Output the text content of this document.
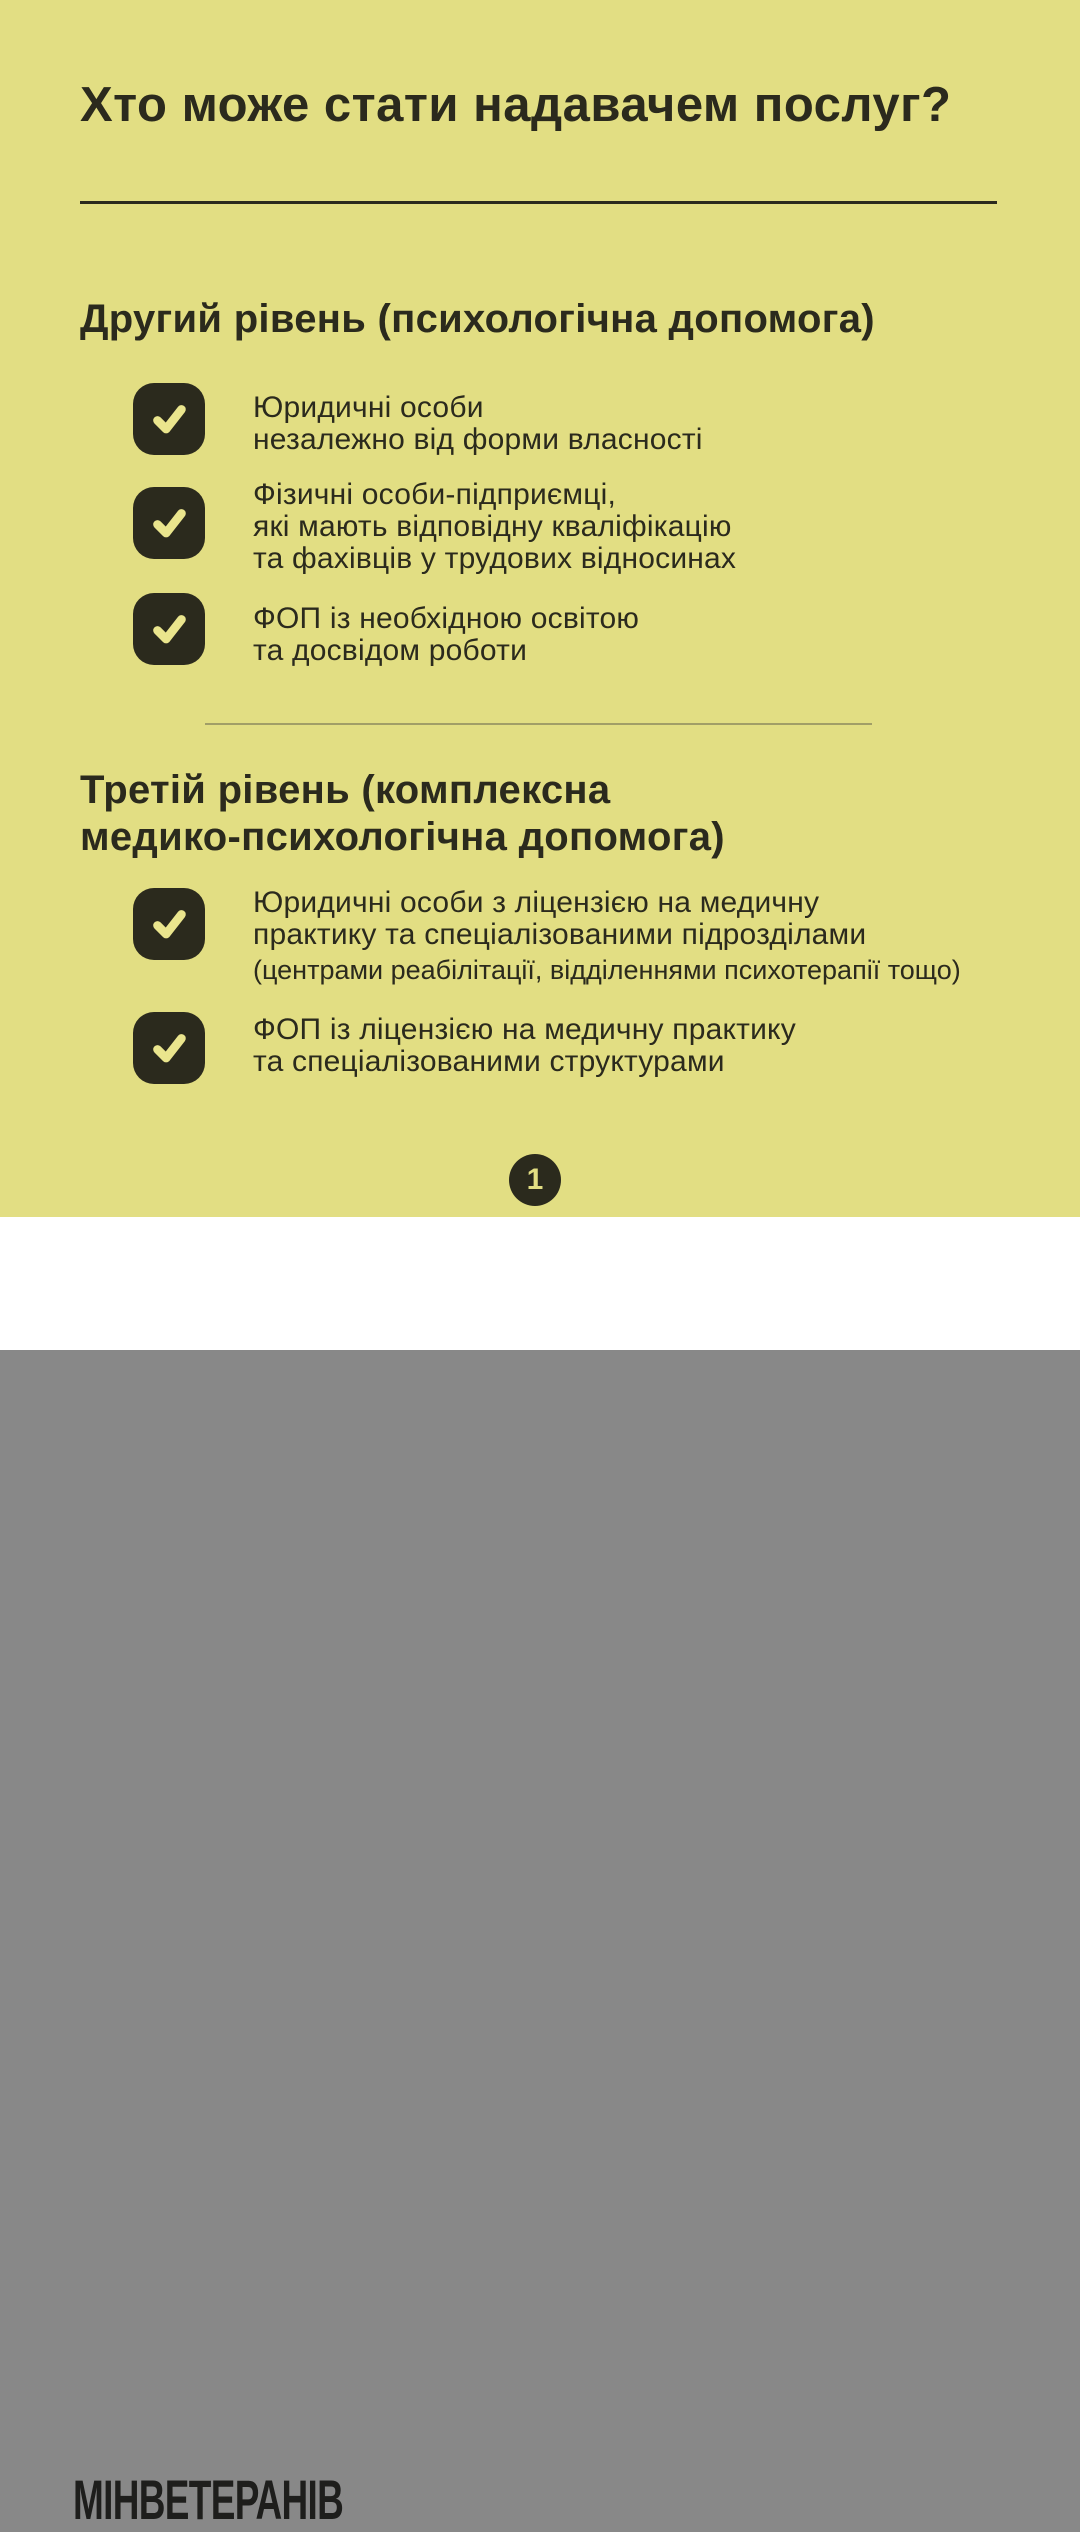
Хто може стати надавачем послуг?
Другий рівень (психологічна допомога)
Юридичні особи
незалежно від форми власності
Фізичні особи-підприємці,
які мають відповідну кваліфікацію
та фахівців у трудових відносинах
ФОП із необхідною освітою
та досвідом роботи
Третій рівень (комплексна
медико-психологічна допомога)
Юридичні особи з ліцензією на медичну
практику та спеціалізованими підрозділами
(центрами реабілітації, відділеннями психотерапії тощо)
ФОП із ліцензією на медичну практику
та спеціалізованими структурами
1
МІНВЕТЕРАНІВ
